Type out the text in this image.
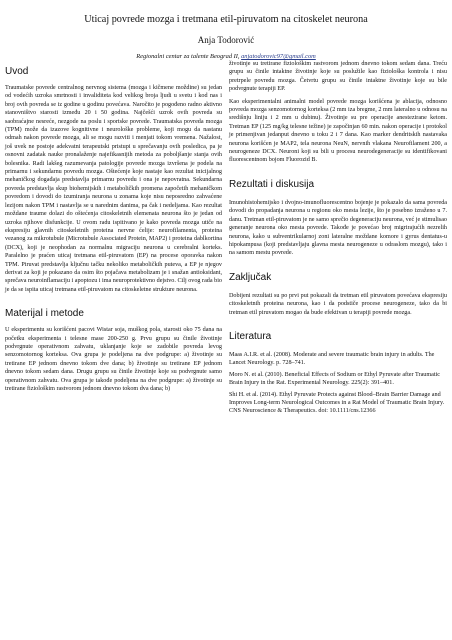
Uticaj povrede mozga i tretmana etil-piruvatom na citoskelet neurona
Anja Todorović
Regionalni centar za talente Beograd II, anjatodorovic97@gmail.com
Uvod

Traumatske povrede centralnog nervnog sistema (mozga i kičmene moždine) su jedan od vodećih uzroka smrtnosti i invaliditeta kod velikog broja ljudi u svetu i kod nas i broj ovih povreda se iz godine u godinu povećava. Naročito je pogođeno radno aktivno stanovništvo starosti između 20 i 50 godina. Najčešći uzrok ovih povreda su saobraćajne nesreće, nezgode na poslu i sportske povrede. Traumatska povreda mozga (TPM) može da izazove kognitivne i neurološke probleme, koji mogu da nastanu odmah nakon povrede mozga, ali se mogu razviti i menjati tokom vremena. Nažalost, još uvek ne postoje adekvatni terapeutski pristupi u sprečavanju ovih posledica, pa je osnovni zadatak nauke pronalaženje najefikasnijih metoda za poboljšanje stanja ovih bolesnika. Radi lakšeg razumevanja patologije povrede mozga izvršena je podela na primarnu i sekundarnu povredu mozga. Oštećenje koje nastaje kao rezultat inicijalnog mehaničkog događaja predstavlja primarnu povredu i ona je nepovratna. Sekundarna povreda predstavlja skup biohemijskih i metaboličkih promena započetih mehaničkom povredom i dovodi do izumiranja neurona u zonama koje nisu neposredno zahvaćene lezijom nakon TPM i nastavlja se u narednim danima, pa čak i nedeljama. Kao rezultat moždane traume dolazi do oštećenja citoskeletnih elemenata neurona što je jedan od uzroka njihove disfunkcije. U ovom radu ispitivano je kako povreda mozga utiče na ekspresiju glavnih citoskeletnih proteina nervne ćelije: neurofilamenta, proteina vezanog za mikrotubule (Microtubule Associated Protein, MAP2) i proteina dablkortina (DCX), koji je neophodan za normalnu migraciju neurona u cerebralni korteks. Paralelno je praćen uticaj tretmana etil-piruvatom (EP) na procese oporavka nakon TPM. Piruvat predstavlja ključnu tačku nekoliko metaboličkih puteva, a EP je njegov derivat za koji je pokazano da osim što pojačava metabolizam je i snažan antioksidant, sprečava neuroinflamaciju i apoptozu i ima neuroprotektivno dejstvo. Cilj ovog rada bio je da se ispita uticaj tretmana etil-piruvatom na citoskeletne strukture neurona.

Materijal i metode

U eksperimentu su korišćeni pacovi Wistar soja, muškog pola, starosti oko 75 dana na početku eksperimenta i telesne mase 200-250 g. Prvu grupu su činile životinje podvrgnute operativnom zahvatu, uklanjanje koje se zadobile povreda levog senzomotornog korteksa. Ova grupa je podeljena na dve podgrupe: a) životinje su tretirane EP jednom dnevno tokom dve dana; b) životinje su tretirane EP jednom dnevno tokom sedam dana. Drugu grupu su činile životinje koje su podvrgnute samo operativnom zahvatu. Ova grupa je takođe podeljena na dve podgrupe: a) životinje su tretirane fiziološkim rastvorom jednom dnevno tokom dva dana; b)

životinje su tretirane fiziološkim rastvorom jednom dnevno tokom sedam dana. Treću grupu su činile intaktne životinje koje su poslužile kao fiziološka kontrola i nisu pretrpele povredu mozga. Četvrtu grupu su činile intaktne životinje koje su bile podvrgnute terapiji EP.

Kao eksperimentalni animalni model povrede mozga korišćena je ablacija, odnosno povreda mozga senzomotornog korteksa (2 mm iza bregme, 2 mm lateralno u odnosu na središnju liniju i 2 mm u dubinu). Životinje su pre operacije anestezirane ketom. Tretman EP (125 mg/kg telesne težine) je započinjan 60 min. nakon operacije i protokol je primenjivan jedanput dnevno u toku 2 i 7 dana. Kao marker dendritskih nastavaka neurona korišćen je MAP2, tela neurona NeuN, nervnih vlakana Neurofilament 200, a neurogeneze DCX. Neuroni koji su bili u procesu neurodegeneracije su identifikovani fluorescentnom bojom Fluorozid B.

Rezultati i diskusija

Imunohistohemijsko i dvojno-imunofluorescentno bojenje je pokazalo da sama povreda dovodi do propadanja neurona u regionu oko mesta lezije, što je posebno izraženo u 7. danu. Tretman etil-piruvatom je ne samo sprečio degeneraciju neurona, već je stimulisao generanje neurona oko mesta povrede. Takođe je povećao broj migrirajućih nezrelih neurona, kako u subventrikularnoj zoni lateralne moždane komore i gyrus dentatus-u hipokampusa (koji predstavljaju glavna mesta neurogeneze u odraslom mozgu), tako i na samom mestu povrede.

Zaključak

Dobijeni rezultati su po prvi put pokazali da tretman etil piruvatom povećava ekspresiju citoskeletnih proteina neurona, kao i da podstiče procese neurogeneze, tako da bi tretman etil piruvatom mogao da bude efektivan u terapiji povrede mozga.

Literatura

Maas A.I.R. et al. (2008). Moderate and severe traumatic brain injury in adults. The Lancet Neurology. p. 728–741.

Moro N. et al. (2010). Beneficial Effects of Sodium or Ethyl Pyruvate after Traumatic Brain Injury in the Rat. Experimental Neurology. 225(2): 391–401.

Shi H. et al. (2014). Ethyl Pyruvate Protects against Blood–Brain Barrier Damage and Improves Long-term Neurological Outcomes in a Rat Model of Traumatic Brain Injury. CNS Neuroscience & Therapeutics. doi: 10.1111/cns.12366
